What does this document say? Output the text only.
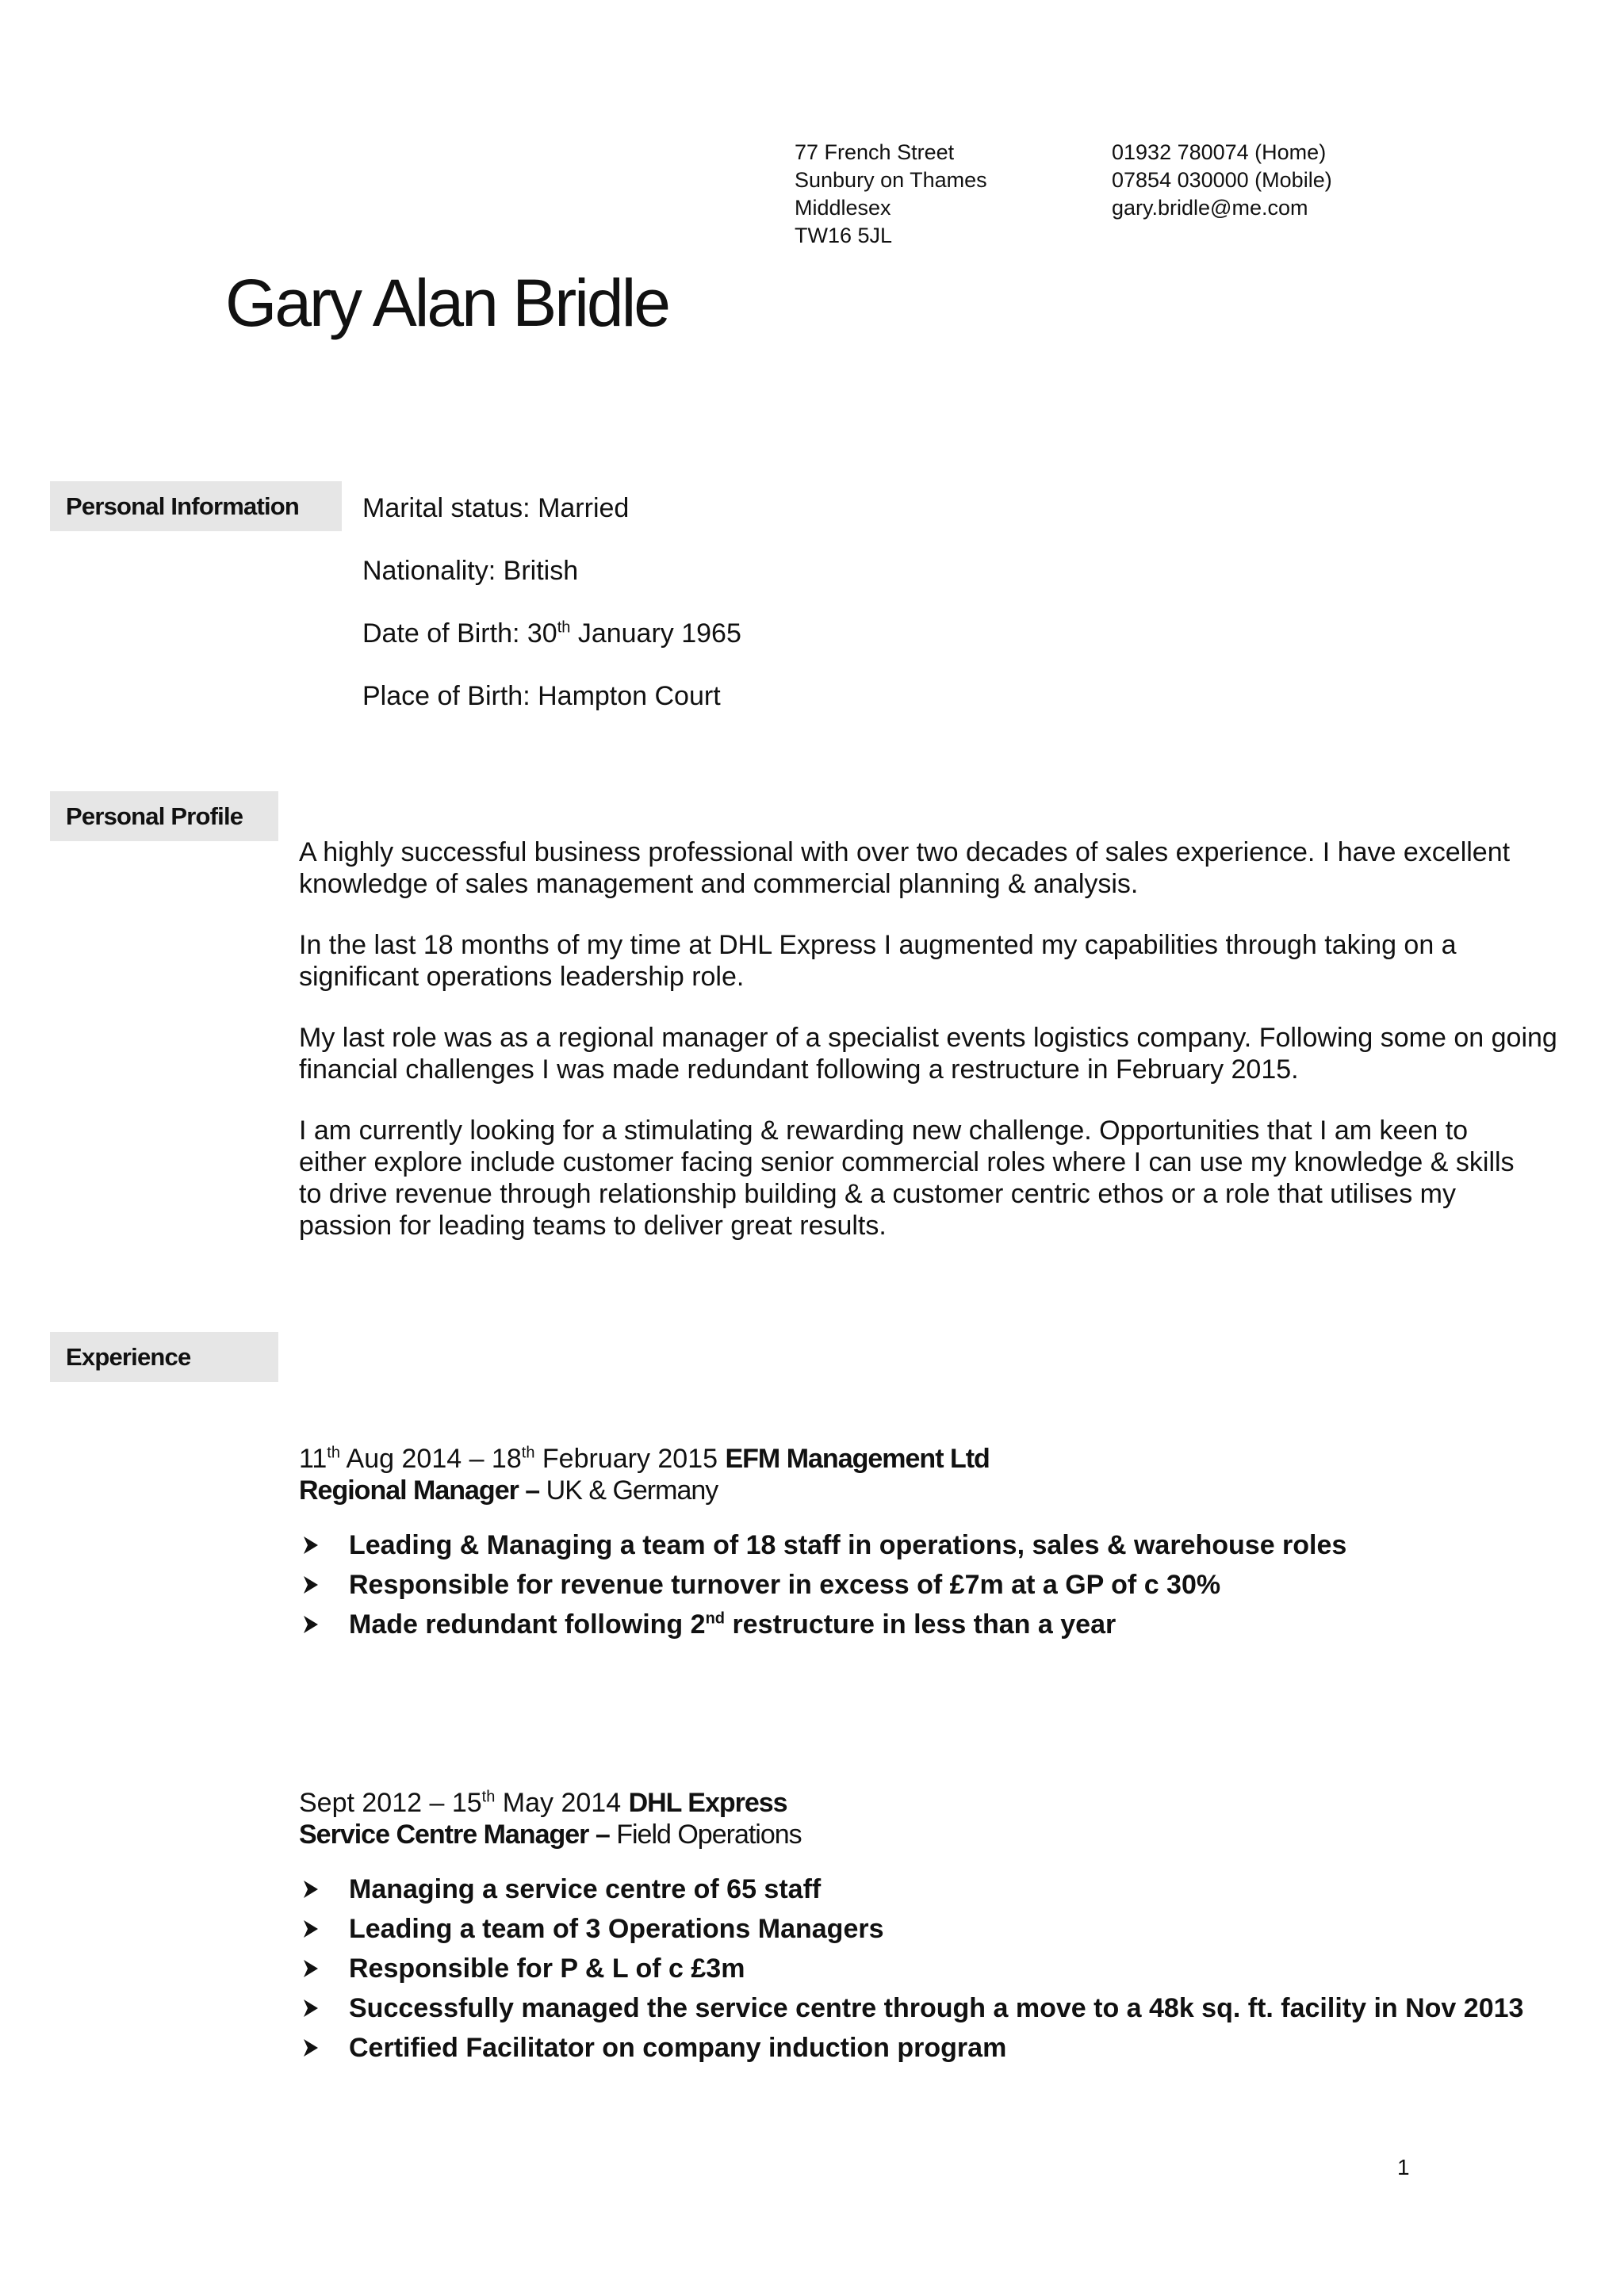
77 French Street
Sunbury on Thames
Middlesex
TW16 5JL
01932 780074 (Home)
07854 030000 (Mobile)
gary.bridle@me.com
Gary Alan Bridle
Personal Information	Marital status: Married
Nationality: British
Date of Birth: 30th January 1965
Place of Birth: Hampton Court
Personal Profile

A highly successful business professional with over two decades of sales experience. I have excellent knowledge of sales management and commercial planning & analysis.

In the last 18 months of my time at DHL Express I augmented my capabilities through taking on a significant operations leadership role.

My last role was as a regional manager of a specialist events logistics company. Following some on going financial challenges I was made redundant following a restructure in February 2015.

I am currently looking for a stimulating & rewarding new challenge. Opportunities that I am keen to either explore include customer facing senior commercial roles where I can use my knowledge & skills to drive revenue through relationship building & a customer centric ethos or a role that utilises my passion for leading teams to deliver great results.

Experience
11th Aug 2014 – 18th February 2015 EFM Management Ltd
Regional Manager – UK & Germany
Leading & Managing a team of 18 staff in operations, sales & warehouse roles
Responsible for revenue turnover in excess of £7m at a GP of c 30%
Made redundant following 2nd restructure in less than a year
Sept 2012 – 15th May 2014 DHL Express
Service Centre Manager – Field Operations
Managing a service centre of 65 staff
Leading a team of 3 Operations Managers
Responsible for P & L of c £3m
Successfully managed the service centre through a move to a 48k sq. ft. facility in Nov 2013
Certified Facilitator on company induction program
1
